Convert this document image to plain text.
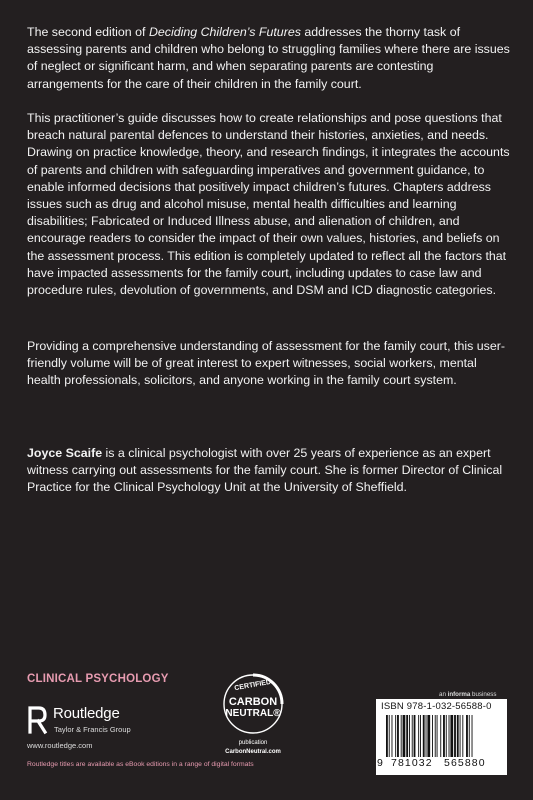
The second edition of Deciding Children’s Futures addresses the thorny task of assessing parents and children who belong to struggling families where there are issues of neglect or significant harm, and when separating parents are contesting arrangements for the care of their children in the family court.

This practitioner’s guide discusses how to create relationships and pose questions that breach natural parental defences to understand their histories, anxieties, and needs. Drawing on practice knowledge, theory, and research findings, it integrates the accounts of parents and children with safeguarding imperatives and government guidance, to enable informed decisions that positively impact children’s futures. Chapters address issues such as drug and alcohol misuse, mental health difficulties and learning disabilities; Fabricated or Induced Illness abuse, and alienation of children, and encourage readers to consider the impact of their own values, histories, and beliefs on the assessment process. This edition is completely updated to reflect all the factors that have impacted assessments for the family court, including updates to case law and procedure rules, devolution of governments, and DSM and ICD diagnostic categories.

Providing a comprehensive understanding of assessment for the family court, this user-friendly volume will be of great interest to expert witnesses, social workers, mental health professionals, solicitors, and anyone working in the family court system.

Joyce Scaife is a clinical psychologist with over 25 years of experience as an expert witness carrying out assessments for the family court. She is former Director of Clinical Practice for the Clinical Psychology Unit at the University of Sheffield.

CLINICAL PSYCHOLOGY
Routledge
Taylor & Francis Group
www.routledge.com
Routledge titles are available as eBook editions in a range of digital formats
CERTIFIED
CARBON
NEUTRAL®
publication
CarbonNeutral.com
an informa business
ISBN 978-1-032-56588-0
9 781032 565880
